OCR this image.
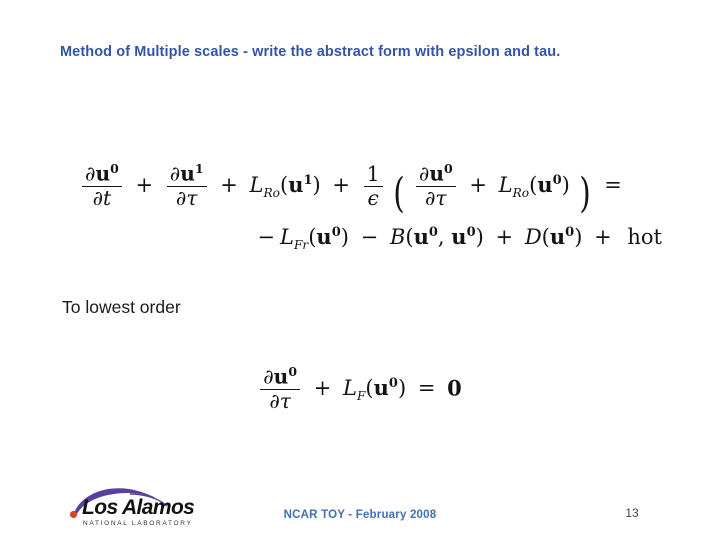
Method of Multiple scales - write the abstract form with epsilon and tau.
$\frac{\partial u^0}{\partial t} + \frac{\partial u^1}{\partial\tau} + L_{Ro}(u^1) + \frac{1}{\epsilon}$ ( $\frac{\partial u^0}{\partial\tau} + L_{Ro}(u^0)$ ) =
− $L_{Fr}(u^0) - B(u^0$, $u^0) + D(u^0)$ + hot
To lowest order
$\frac{\partial u^0}{\partial\tau} + L_F(u^0) = 0$
NCAR TOY - February 2008	13
Los Alamos
NATIONAL LABORATORY
